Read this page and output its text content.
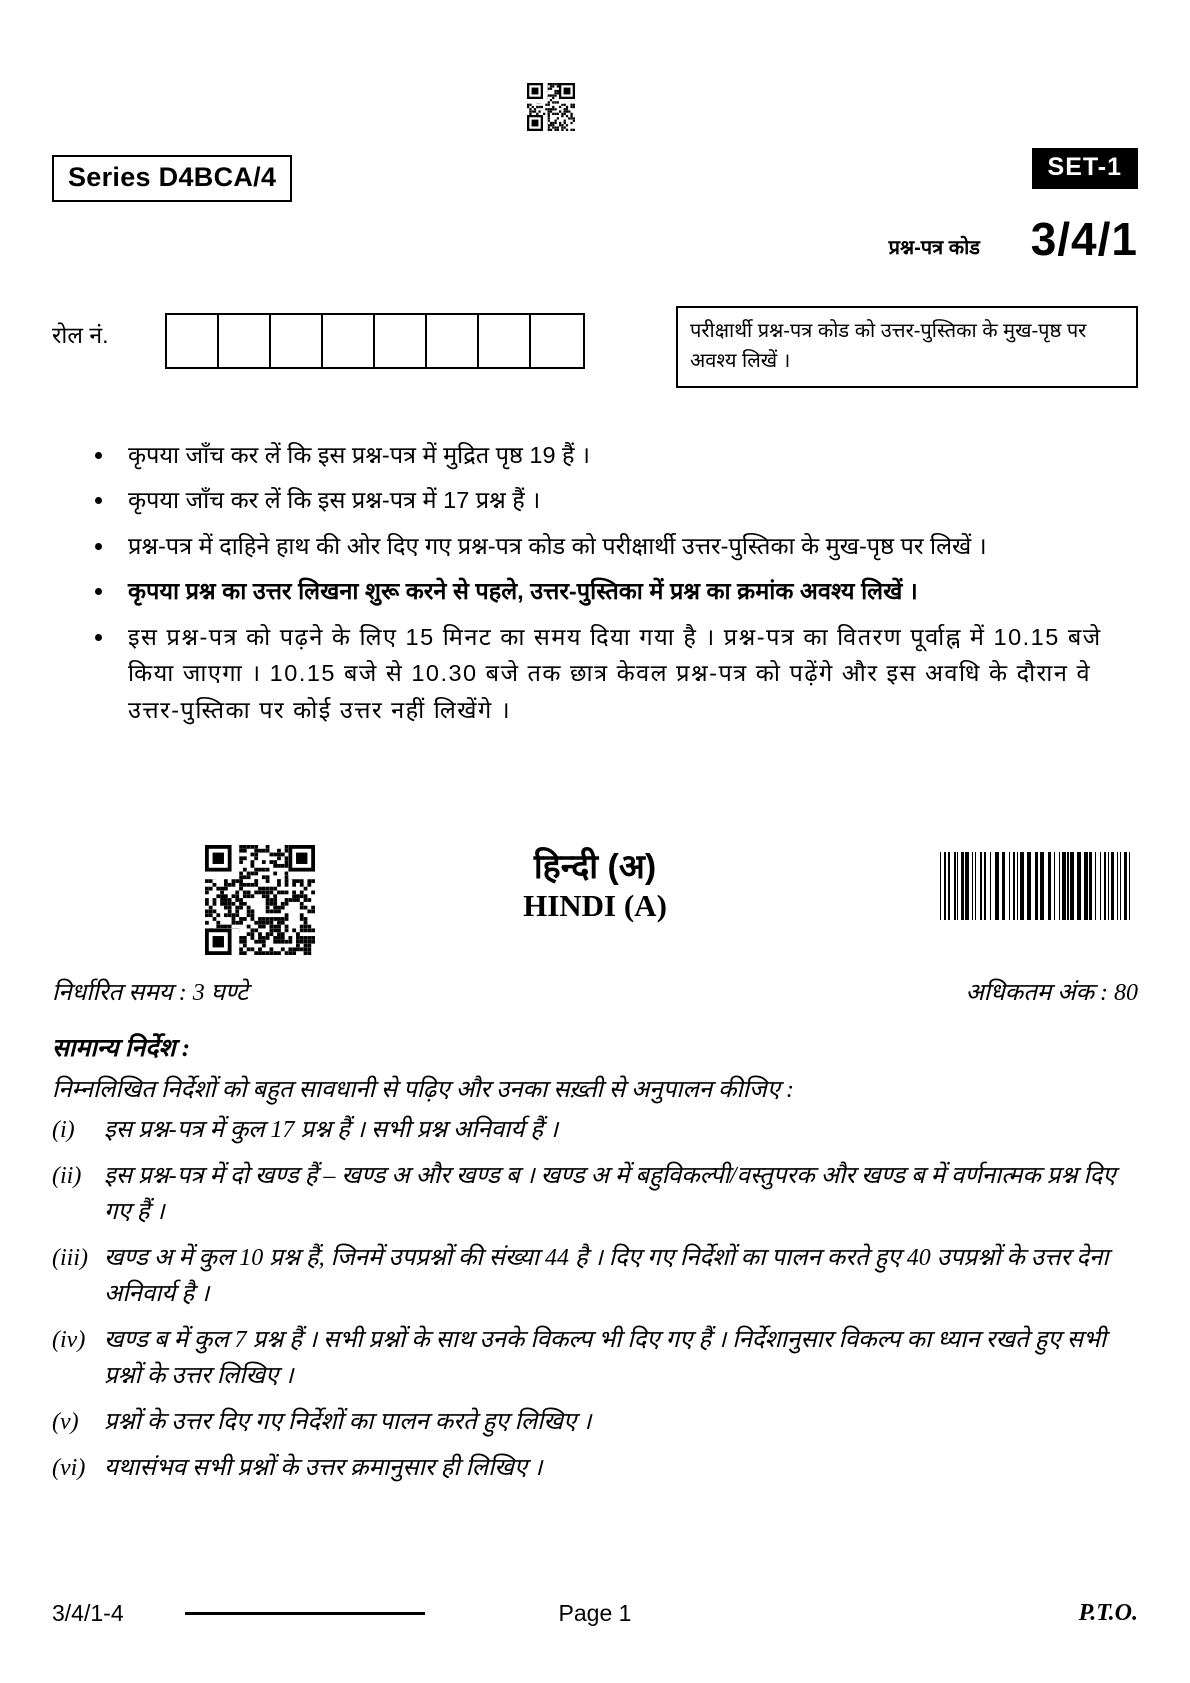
Series D4BCA/4	SET-1
प्रश्न-पत्र कोड 3/4/1
रोल नं.	परीक्षार्थी प्रश्न-पत्र कोड को उत्तर-पुस्तिका के मुख-पृष्ठ पर अवश्य लिखें ।
• कृपया जाँच कर लें कि इस प्रश्न-पत्र में मुद्रित पृष्ठ 19 हैं ।
• कृपया जाँच कर लें कि इस प्रश्न-पत्र में 17 प्रश्न हैं ।
• प्रश्न-पत्र में दाहिने हाथ की ओर दिए गए प्रश्न-पत्र कोड को परीक्षार्थी उत्तर-पुस्तिका के मुख-पृष्ठ पर लिखें ।
• कृपया प्रश्न का उत्तर लिखना शुरू करने से पहले, उत्तर-पुस्तिका में प्रश्न का क्रमांक अवश्य लिखें ।
• इस प्रश्न-पत्र को पढ़ने के लिए 15 मिनट का समय दिया गया है । प्रश्न-पत्र का वितरण पूर्वाह्न में 10.15 बजे किया जाएगा । 10.15 बजे से 10.30 बजे तक छात्र केवल प्रश्न-पत्र को पढ़ेंगे और इस अवधि के दौरान वे उत्तर-पुस्तिका पर कोई उत्तर नहीं लिखेंगे ।
हिन्दी (अ)
HINDI (A)
निर्धारित समय : 3 घण्टे	अधिकतम अंक : 80
सामान्य निर्देश :
निम्नलिखित निर्देशों को बहुत सावधानी से पढ़िए और उनका सख़्ती से अनुपालन कीजिए :
(i)	इस प्रश्न-पत्र में कुल 17 प्रश्न हैं । सभी प्रश्न अनिवार्य हैं ।
(ii) इस प्रश्न-पत्र में दो खण्ड हैं – खण्ड अ और खण्ड ब । खण्ड अ में बहुविकल्पी/वस्तुपरक और खण्ड ब में वर्णनात्मक प्रश्न दिए गए हैं ।
(iii) खण्ड अ में कुल 10 प्रश्न हैं, जिनमें उपप्रश्नों की संख्या 44 है । दिए गए निर्देशों का पालन करते हुए 40 उपप्रश्नों के उत्तर देना अनिवार्य है ।
(iv) खण्ड ब में कुल 7 प्रश्न हैं । सभी प्रश्नों के साथ उनके विकल्प भी दिए गए हैं । निर्देशानुसार विकल्प का ध्यान रखते हुए सभी प्रश्नों के उत्तर लिखिए ।
(v)	प्रश्नों के उत्तर दिए गए निर्देशों का पालन करते हुए लिखिए ।
(vi) यथासंभव सभी प्रश्नों के उत्तर क्रमानुसार ही लिखिए ।
3/4/1-4	Page 1	P.T.O.
